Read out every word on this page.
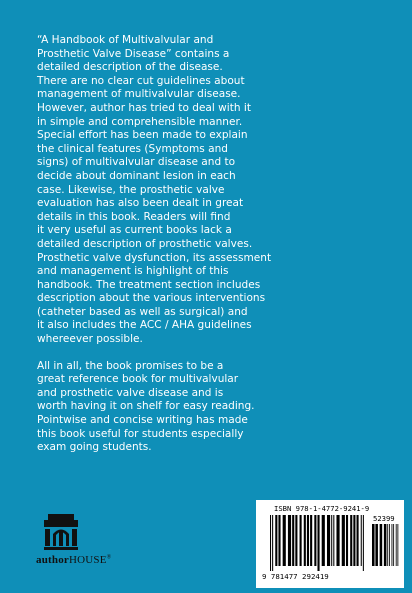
“A Handbook of Multivalvular and
Prosthetic Valve Disease” contains a
detailed description of the disease.
There are no clear cut guidelines about
management of multivalvular disease.
However, author has tried to deal with it
in simple and comprehensible manner.
Special effort has been made to explain
the clinical features (Symptoms and
signs) of multivalvular disease and to
decide about dominant lesion in each
case. Likewise, the prosthetic valve
evaluation has also been dealt in great
details in this book. Readers will find
it very useful as current books lack a
detailed description of prosthetic valves.
Prosthetic valve dysfunction, its assessment
and management is highlight of this
handbook. The treatment section includes
description about the various interventions
(catheter based as well as surgical) and
it also includes the ACC / AHA guidelines
whereever possible.

All in all, the book promises to be a
great reference book for multivalvular
and prosthetic valve disease and is
worth having it on shelf for easy reading.
Pointwise and concise writing has made
this book useful for students especially
exam going students.

authorHOUSE®
ISBN 978-1-4772-9241-9
52399
9 781477 292419
